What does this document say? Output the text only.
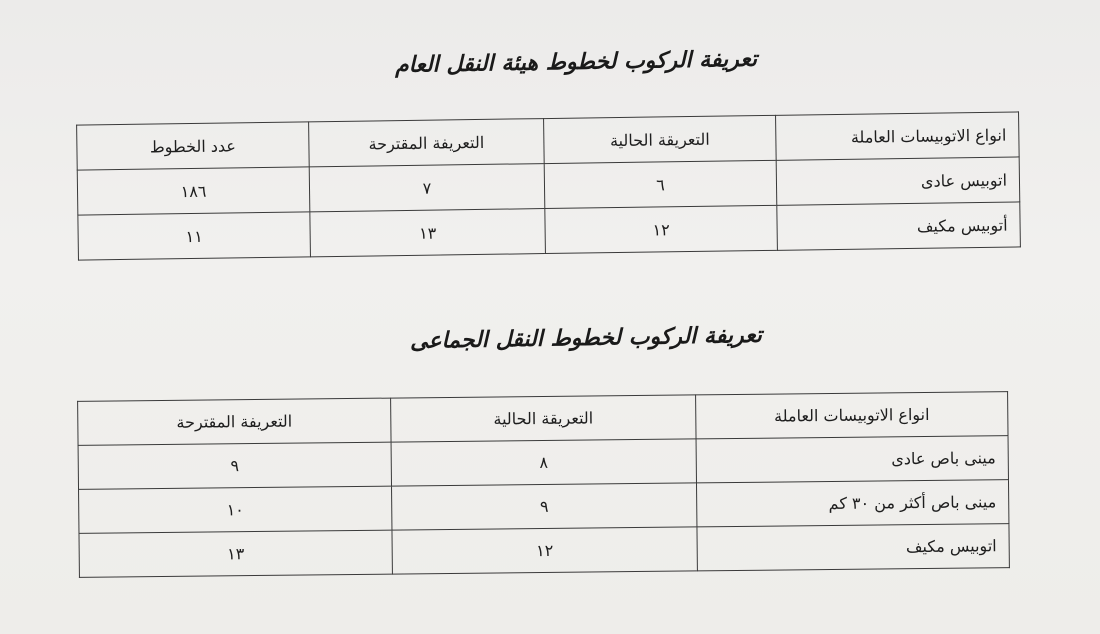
تعريفة الركوب لخطوط هيئة النقل العام
انواع الاتوبيسات العاملة	التعريقة الحالية	التعريفة المقترحة	عدد الخطوط
اتوبيس عادى	٦	٧	١٨٦
أتوبيس مكيف	١٢	١٣	١١
تعريفة الركوب لخطوط النقل الجماعى
انواع الاتوبيسات العاملة	التعريقة الحالية	التعريفة المقترحة
مينى باص عادى	٨	٩
مينى باص أكثر من ٣٠ كم	٩	١٠
اتوبيس مكيف	١٢	١٣
